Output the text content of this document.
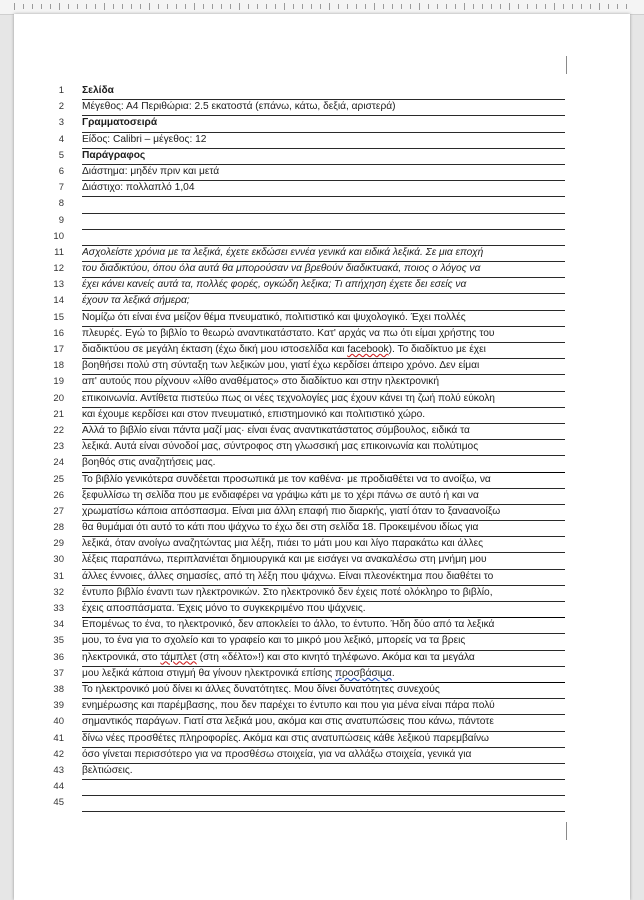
1 Σελίδα
2 Μέγεθος: Α4 Περιθώρια: 2.5 εκατοστά (επάνω, κάτω, δεξιά, αριστερά)
3 Γραμματοσειρά
4 Είδος: Calibri – μέγεθος: 12
5 Παράγραφος
6 Διάστημα: μηδέν πριν και μετά
7 Διάστιχο: πολλαπλό 1,04
8
9
10
11 Ασχολείστε χρόνια με τα λεξικά, έχετε εκδώσει εννέα γενικά και ειδικά λεξικά. Σε μια εποχή
12 του διαδικτύου, όπου όλα αυτά θα μπορούσαν να βρεθούν διαδικτυακά, ποιος ο λόγος να
13 έχει κάνει κανείς αυτά τα, πολλές φορές, ογκώδη λεξικα; Τι απήχηση έχετε δει εσείς να
14 έχουν τα λεξικά σήμερα;
15 Νομίζω ότι είναι ένα μείζον θέμα πνευματικό, πολιτιστικό και ψυχολογικό. Έχει πολλές
16 πλευρές. Εγώ το βιβλίο το θεωρώ αναντικατάστατο. Κατ' αρχάς να πω ότι είμαι χρήστης του
17 διαδικτύου σε μεγάλη έκταση (έχω δική μου ιστοσελίδα και facebook). Το διαδίκτυο με έχει
18 βοηθήσει πολύ στη σύνταξη των λεξικών μου, γιατί έχω κερδίσει άπειρο χρόνο. Δεν είμαι
19 απ' αυτούς που ρίχνουν «λίθο αναθέματος» στο διαδίκτυο και στην ηλεκτρονική
20 επικοινωνία. Αντίθετα πιστεύω πως οι νέες τεχνολογίες μας έχουν κάνει τη ζωή πολύ εύκολη
21 και έχουμε κερδίσει και στον πνευματικό, επιστημονικό και πολιτιστικό χώρο.
22 Αλλά το βιβλίο είναι πάντα μαζί μας· είναι ένας αναντικατάστατος σύμβουλος, ειδικά τα
23 λεξικά. Αυτά είναι σύνοδοί μας, σύντροφος στη γλωσσική μας επικοινωνία και πολύτιμος
24 βοηθός στις αναζητήσεις μας.
25 Το βιβλίο γενικότερα συνδέεται προσωπικά με τον καθένα· με προδιαθέτει να το ανοίξω, να
26 ξεφυλλίσω τη σελίδα που με ενδιαφέρει να γράψω κάτι με το χέρι πάνω σε αυτό ή και να
27 χρωματίσω κάποια απόσπασμα. Είναι μια άλλη επαφή πιο διαρκής, γιατί όταν το ξαναανοίξω
28 θα θυμάμαι ότι αυτό το κάτι που ψάχνω το έχω δει στη σελίδα 18. Προκειμένου ιδίως για
29 λεξικά, όταν ανοίγω αναζητώντας μια λέξη, πιάει το μάτι μου και λίγο παρακάτω και άλλες
30 λέξεις παραπάνω, περιπλανιέται δημιουργικά και με εισάγει να ανακαλέσω στη μνήμη μου
31 άλλες έννοιες, άλλες σημασίες, από τη λέξη που ψάχνω. Είναι πλεονέκτημα που διαθέτει το
32 έντυπο βιβλίο έναντι των ηλεκτρονικών. Στο ηλεκτρονικό δεν έχεις ποτέ ολόκληρο το βιβλίο,
33 έχεις αποσπάσματα. Έχεις μόνο το συγκεκριμένο που ψάχνεις.
34 Επομένως το ένα, το ηλεκτρονικό, δεν αποκλείει το άλλο, το έντυπο. Ήδη δύο από τα λεξικά
35 μου, το ένα για το σχολείο και το γραφείο και το μικρό μου λεξικό, μπορείς να τα βρεις
36 ηλεκτρονικά, στο τάμπλετ (στη «δέλτο»!) και στο κινητό τηλέφωνο. Ακόμα και τα μεγάλα
37 μου λεξικά κάποια στιγμή θα γίνουν ηλεκτρονικά επίσης προσβάσιμα.
38 Το ηλεκτρονικό μού δίνει κι άλλες δυνατότητες. Μου δίνει δυνατότητες συνεχούς
39 ενημέρωσης και παρέμβασης, που δεν παρέχει το έντυπο και που για μένα είναι πάρα πολύ
40 σημαντικός παράγων. Γιατί στα λεξικά μου, ακόμα και στις ανατυπώσεις που κάνω, πάντοτε
41 δίνω νέες προσθέτες πληροφορίες. Ακόμα και στις ανατυπώσεις κάθε λεξικού παρεμβαίνω
42 όσο γίνεται περισσότερο για να προσθέσω στοιχεία, για να αλλάξω στοιχεία, γενικά για
43 βελτιώσεις.
44
45
